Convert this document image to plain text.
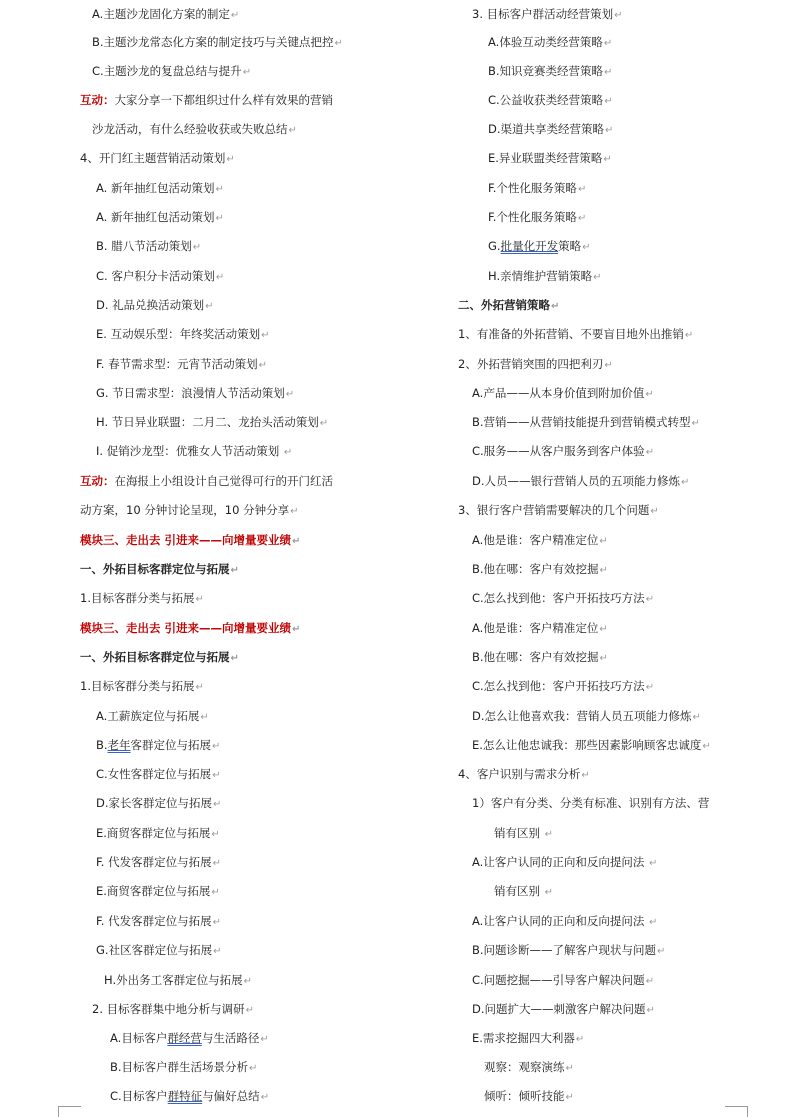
A.主题沙龙固化方案的制定↵
B.主题沙龙常态化方案的制定技巧与关键点把控↵
C.主题沙龙的复盘总结与提升↵
互动：大家分享一下都组织过什么样有效果的营销
沙龙活动，有什么经验收获或失败总结↵
4、开门红主题营销活动策划↵
A. 新年抽红包活动策划↵
A. 新年抽红包活动策划↵
B. 腊八节活动策划↵
C. 客户积分卡活动策划↵
D. 礼品兑换活动策划↵
E. 互动娱乐型：年终奖活动策划↵
F. 春节需求型：元宵节活动策划↵
G. 节日需求型：浪漫情人节活动策划↵
H. 节日异业联盟：二月二、龙抬头活动策划↵
I. 促销沙龙型：优雅女人节活动策划 ↵
互动：在海报上小组设计自己觉得可行的开门红活
动方案，10 分钟讨论呈现，10 分钟分享↵
模块三、走出去 引进来——向增量要业绩↵
一、外拓目标客群定位与拓展↵
1.目标客群分类与拓展↵
模块三、走出去 引进来——向增量要业绩↵
一、外拓目标客群定位与拓展↵
1.目标客群分类与拓展↵
A.工薪族定位与拓展↵
B.老年客群定位与拓展↵
C.女性客群定位与拓展↵
D.家长客群定位与拓展↵
E.商贸客群定位与拓展↵
F. 代发客群定位与拓展↵
E.商贸客群定位与拓展↵
F. 代发客群定位与拓展↵
G.社区客群定位与拓展↵
H.外出务工客群定位与拓展↵
2. 目标客群集中地分析与调研↵
A.目标客户群经营与生活路径↵
B.目标客户群生活场景分析↵
C.目标客户群特征与偏好总结↵
3. 目标客户群活动经营策划↵
A.体验互动类经营策略↵
B.知识竞赛类经营策略↵
C.公益收获类经营策略↵
D.渠道共享类经营策略↵
E.异业联盟类经营策略↵
F.个性化服务策略↵
F.个性化服务策略↵
G.批量化开发策略↵
H.亲情维护营销策略↵
二、外拓营销策略↵
1、有准备的外拓营销、不要盲目地外出推销↵
2、外拓营销突围的四把利刃↵
A.产品——从本身价值到附加价值↵
B.营销——从营销技能提升到营销模式转型↵
C.服务——从客户服务到客户体验↵
D.人员——银行营销人员的五项能力修炼↵
3、银行客户营销需要解决的几个问题↵
A.他是谁：客户精准定位↵
B.他在哪：客户有效挖掘↵
C.怎么找到他：客户开拓技巧方法↵
A.他是谁：客户精准定位↵
B.他在哪：客户有效挖掘↵
C.怎么找到他：客户开拓技巧方法↵
D.怎么让他喜欢我：营销人员五项能力修炼↵
E.怎么让他忠诚我：那些因素影响顾客忠诚度↵
4、客户识别与需求分析↵
1）客户有分类、分类有标准、识别有方法、营
销有区别 ↵
A.让客户认同的正向和反向提问法 ↵
销有区别 ↵
A.让客户认同的正向和反向提问法 ↵
B.问题诊断——了解客户现状与问题↵
C.问题挖掘——引导客户解决问题↵
D.问题扩大——刺激客户解决问题↵
E.需求挖掘四大利器↵
观察：观察演练↵
倾听：倾听技能↵
